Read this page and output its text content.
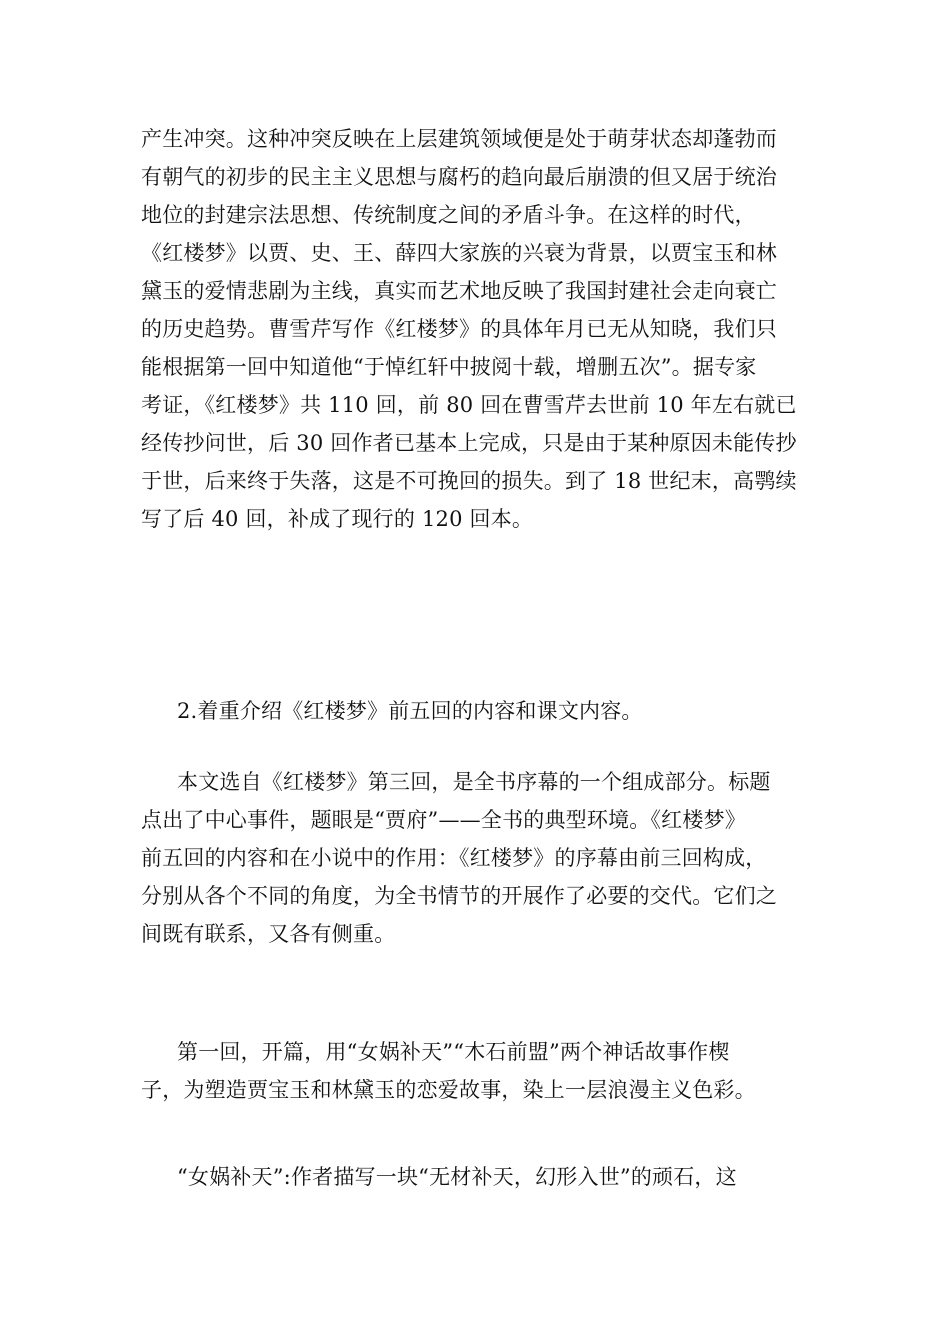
产生冲突。这种冲突反映在上层建筑领域便是处于萌芽状态却蓬勃而
有朝气的初步的民主主义思想与腐朽的趋向最后崩溃的但又居于统治
地位的封建宗法思想、传统制度之间的矛盾斗争。在这样的时代，
《红楼梦》以贾、史、王、薛四大家族的兴衰为背景，以贾宝玉和林
黛玉的爱情悲剧为主线，真实而艺术地反映了我国封建社会走向衰亡
的历史趋势。曹雪芹写作《红楼梦》的具体年月已无从知晓，我们只
能根据第一回中知道他“于悼红轩中披阅十载，增删五次”。据专家
考证，《红楼梦》共 110 回，前 80 回在曹雪芹去世前 10 年左右就已
经传抄问世，后 30 回作者已基本上完成，只是由于某种原因未能传抄
于世，后来终于失落，这是不可挽回的损失。到了 18 世纪末，高鹗续
写了后 40 回，补成了现行的 120 回本。
2.着重介绍《红楼梦》前五回的内容和课文内容。
本文选自《红楼梦》第三回，是全书序幕的一个组成部分。标题
点出了中心事件，题眼是“贾府”——全书的典型环境。《红楼梦》
前五回的内容和在小说中的作用：《红楼梦》的序幕由前三回构成，
分别从各个不同的角度，为全书情节的开展作了必要的交代。它们之
间既有联系，又各有侧重。
第一回，开篇，用“女娲补天”“木石前盟”两个神话故事作楔
子，为塑造贾宝玉和林黛玉的恋爱故事，染上一层浪漫主义色彩。
“女娲补天”:作者描写一块“无材补天，幻形入世”的顽石，这
